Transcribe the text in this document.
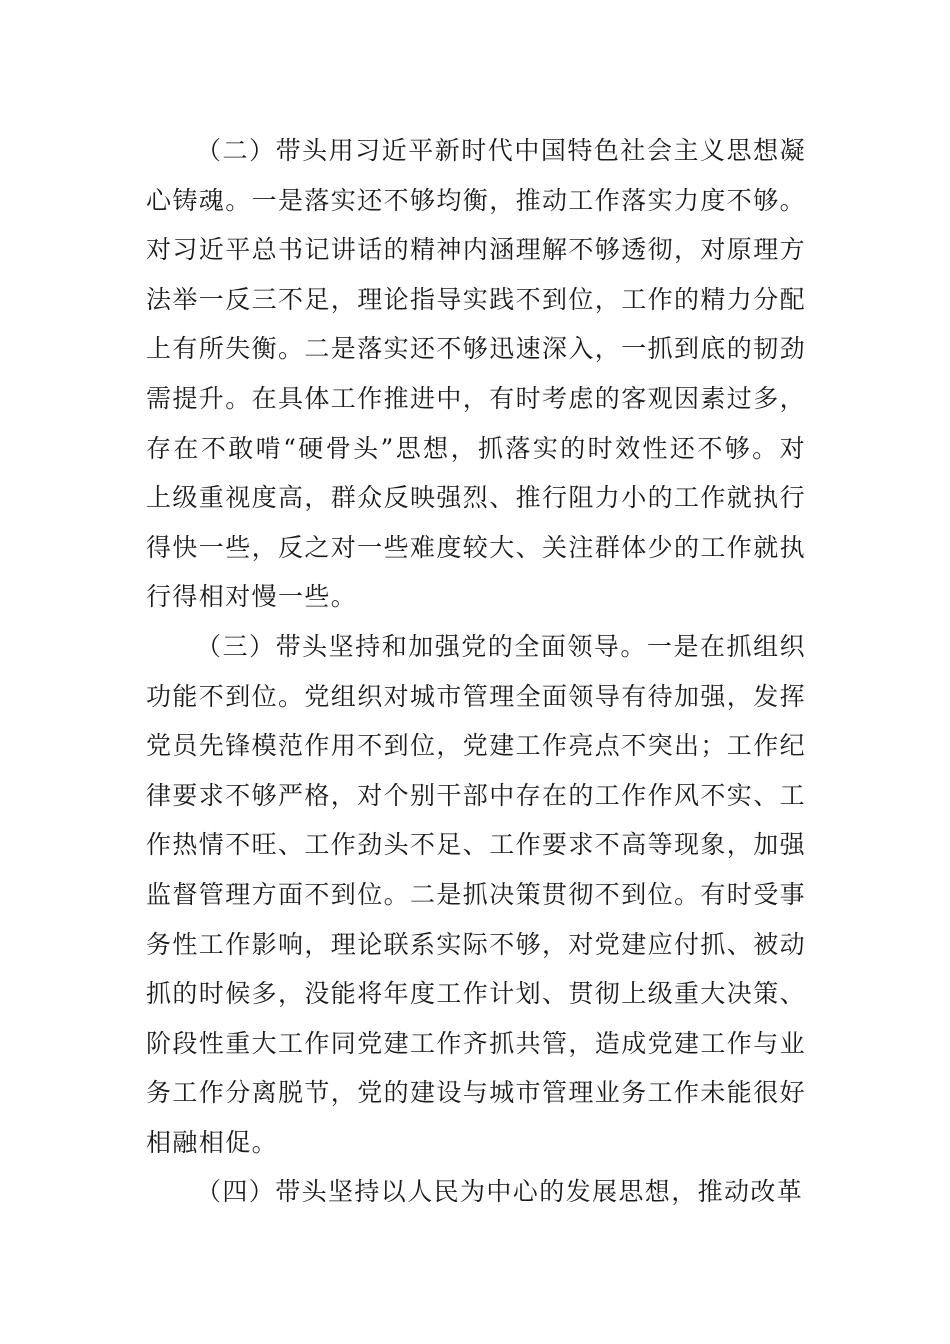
（二）带头用习近平新时代中国特色社会主义思想凝心铸魂。一是落实还不够均衡，推动工作落实力度不够。对习近平总书记讲话的精神内涵理解不够透彻，对原理方法举一反三不足，理论指导实践不到位，工作的精力分配上有所失衡。二是落实还不够迅速深入，一抓到底的韧劲需提升。在具体工作推进中，有时考虑的客观因素过多，存在不敢啃“硬骨头”思想，抓落实的时效性还不够。对上级重视度高，群众反映强烈、推行阻力小的工作就执行得快一些，反之对一些难度较大、关注群体少的工作就执行得相对慢一些。

（三）带头坚持和加强党的全面领导。一是在抓组织功能不到位。党组织对城市管理全面领导有待加强，发挥党员先锋模范作用不到位，党建工作亮点不突出；工作纪律要求不够严格，对个别干部中存在的工作作风不实、工作热情不旺、工作劲头不足、工作要求不高等现象，加强监督管理方面不到位。二是抓决策贯彻不到位。有时受事务性工作影响，理论联系实际不够，对党建应付抓、被动抓的时候多，没能将年度工作计划、贯彻上级重大决策、阶段性重大工作同党建工作齐抓共管，造成党建工作与业务工作分离脱节，党的建设与城市管理业务工作未能很好相融相促。

（四）带头坚持以人民为中心的发展思想，推动改革
